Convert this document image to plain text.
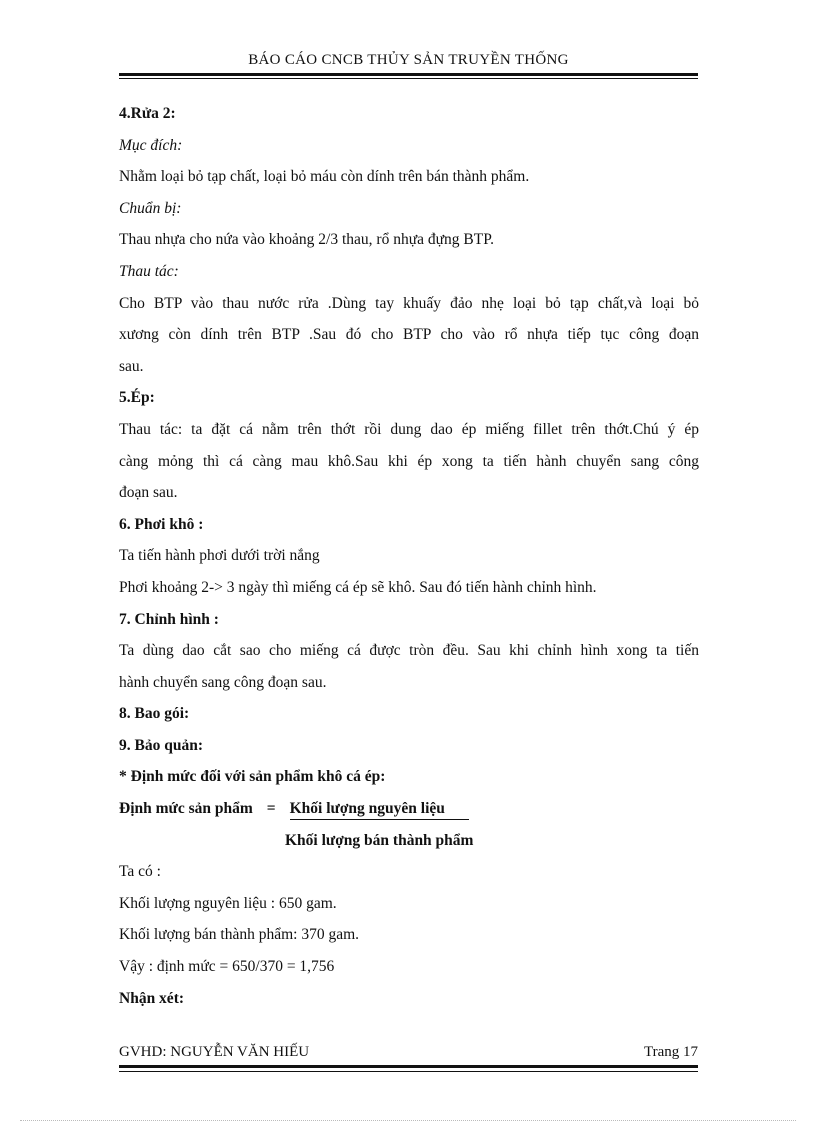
BÁO CÁO CNCB THỦY SẢN TRUYỀN THỐNG
4.Rửa 2:
Mục đích:
Nhằm loại bỏ tạp chất, loại bỏ máu còn dính trên bán thành phẩm.
Chuẩn bị:
Thau nhựa cho nứa vào khoảng 2/3 thau, rổ nhựa đựng BTP.
Thau tác:
Cho BTP vào thau nước rửa .Dùng tay khuấy đảo nhẹ loại bỏ tạp chất,và loại bỏ
xương còn dính trên BTP .Sau đó cho BTP cho vào rổ nhựa tiếp tục công đoạn
sau.
5.Ép:
Thau tác: ta đặt cá nằm trên thớt rồi dung dao ép miếng fillet trên thớt.Chú ý ép
càng mỏng thì cá càng mau khô.Sau khi ép xong ta tiến hành chuyển sang công
đoạn sau.
6. Phơi khô :
Ta tiến hành phơi dưới trời nắng
Phơi khoảng 2-> 3 ngày thì miếng cá ép sẽ khô. Sau đó tiến hành chỉnh hình.
7. Chỉnh hình :
Ta dùng dao cắt sao cho miếng cá được tròn đều. Sau khi chỉnh hình xong ta tiến
hành chuyển sang công đoạn sau.
8. Bao gói:
9. Bảo quản:
* Định mức đối với sản phẩm khô cá ép:
Định mức sản phẩm = Khối lượng nguyên liệu
Khối lượng bán thành phẩm
Ta có :
Khối lượng nguyên liệu : 650 gam.
Khối lượng bán thành phẩm: 370 gam.
Vậy : định mức = 650/370 = 1,756
Nhận xét:
GVHD: NGUYỄN VĂN HIẾU	Trang 17
